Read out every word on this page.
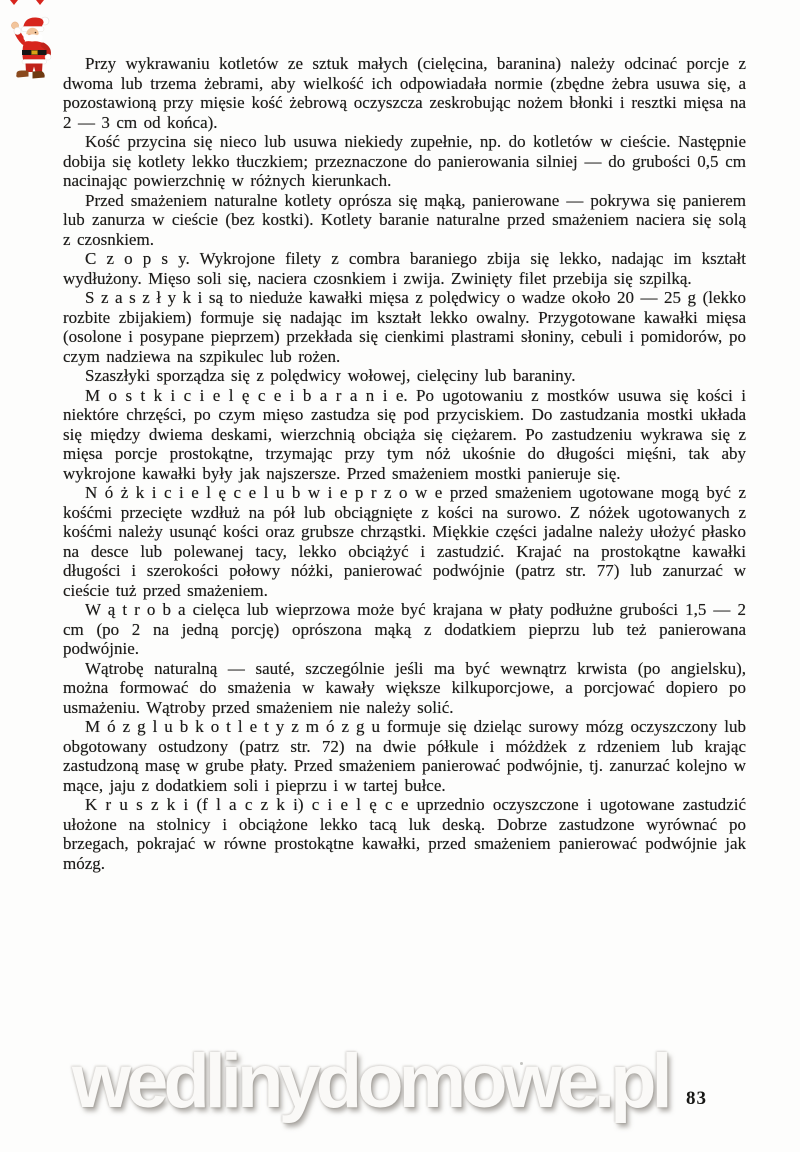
Przy wykrawaniu kotletów ze sztuk małych (cielęcina, baranina) należy odcinać porcje z dwoma lub trzema żebrami, aby wielkość ich odpowiadała normie (zbędne żebra usuwa się, a pozostawioną przy mięsie kość żebrową oczyszcza zeskrobując nożem błonki i resztki mięsa na 2 — 3 cm od końca).

Kość przycina się nieco lub usuwa niekiedy zupełnie, np. do kotletów w cieście. Następnie dobija się kotlety lekko tłuczkiem; przeznaczone do panierowania silniej — do grubości 0,5 cm nacinając powierzchnię w różnych kierunkach.

Przed smażeniem naturalne kotlety oprósza się mąką, panierowane — pokrywa się panierem lub zanurza w cieście (bez kostki). Kotlety baranie naturalne przed smażeniem naciera się solą z czosnkiem.

C z o p s y. Wykrojone filety z combra baraniego zbija się lekko, nadając im kształt wydłużony. Mięso soli się, naciera czosnkiem i zwija. Zwinięty filet przebija się szpilką.

S z a s z ł y k i są to nieduże kawałki mięsa z polędwicy o wadze około 20 — 25 g (lekko rozbite zbijakiem) formuje się nadając im kształt lekko owalny. Przygotowane kawałki mięsa (osolone i posypane pieprzem) przekłada się cienkimi plastrami słoniny, cebuli i pomidorów, po czym nadziewa na szpikulec lub rożen.

Szaszłyki sporządza się z polędwicy wołowej, cielęciny lub baraniny.

M o s t k i c i e l ę c e i b a r a n i e. Po ugotowaniu z mostków usuwa się kości i niektóre chrzęści, po czym mięso zastudza się pod przyciskiem. Do zastudzania mostki układa się między dwiema deskami, wierzchnią obciąża się ciężarem. Po zastudzeniu wykrawa się z mięsa porcje prostokątne, trzymając przy tym nóż ukośnie do długości mięśni, tak aby wykrojone kawałki były jak najszersze. Przed smażeniem mostki panieruje się.

N ó ż k i c i e l ę c e l u b w i e p r z o w e przed smażeniem ugotowane mogą być z kośćmi przecięte wzdłuż na pół lub obciągnięte z kości na surowo. Z nóżek ugotowanych z kośćmi należy usunąć kości oraz grubsze chrząstki. Miękkie części jadalne należy ułożyć płasko na desce lub polewanej tacy, lekko obciążyć i zastudzić. Krajać na prostokątne kawałki długości i szerokości połowy nóżki, panierować podwójnie (patrz str. 77) lub zanurzać w cieście tuż przed smażeniem.

W ą t r o b a cielęca lub wieprzowa może być krajana w płaty podłużne grubości 1,5 — 2 cm (po 2 na jedną porcję) oprószona mąką z dodatkiem pieprzu lub też panierowana podwójnie.

Wątrobę naturalną — sauté, szczególnie jeśli ma być wewnątrz krwista (po angielsku), można formować do smażenia w kawały większe kilkuporcjowe, a porcjować dopiero po usmażeniu. Wątroby przed smażeniem nie należy solić.

M ó z g l u b k o t l e t y z m ó z g u formuje się dzieląc surowy mózg oczyszczony lub obgotowany ostudzony (patrz str. 72) na dwie półkule i móżdżek z rdzeniem lub krając zastudzoną masę w grube płaty. Przed smażeniem panierować podwójnie, tj. zanurzać kolejno w mące, jaju z dodatkiem soli i pieprzu i w tartej bułce.

K r u s z k i (f l a c z k i) c i e l ę c e uprzednio oczyszczone i ugotowane zastudzić ułożone na stolnicy i obciążone lekko tacą luk deską. Dobrze zastudzone wyrównać po brzegach, pokrajać w równe prostokątne kawałki, przed smażeniem panierować podwójnie jak mózg.

wedlinydomowe.pl 83
